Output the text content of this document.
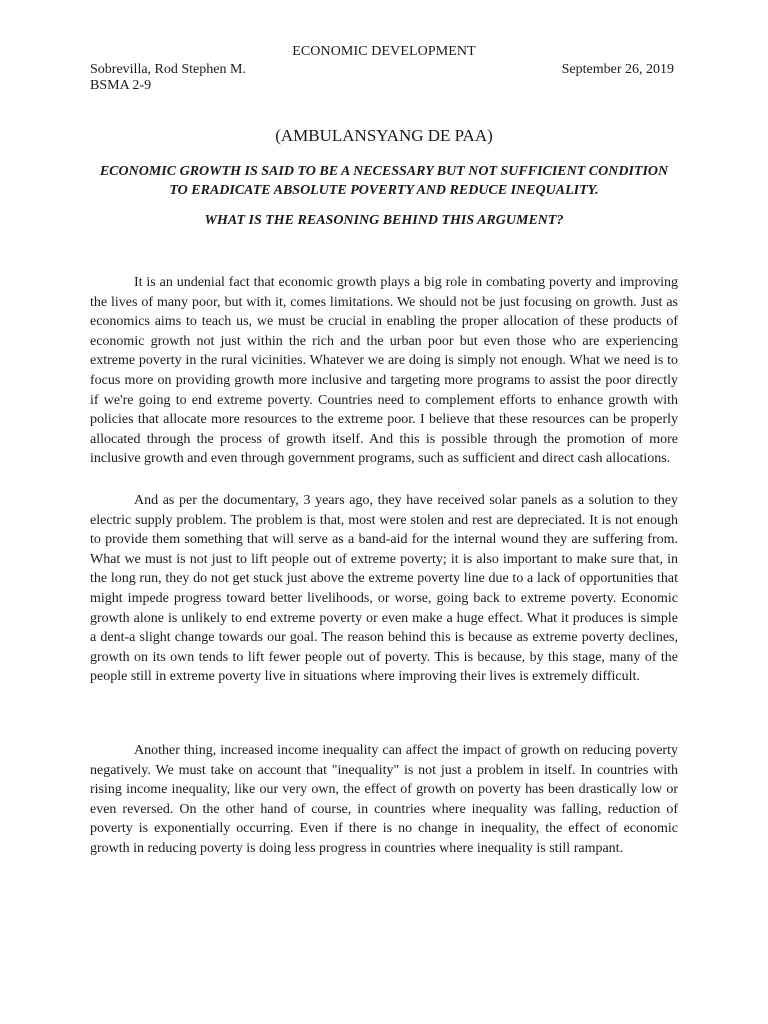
ECONOMIC DEVELOPMENT
Sobrevilla, Rod Stephen M.	September 26, 2019
BSMA 2-9
(AMBULANSYANG DE PAA)
ECONOMIC GROWTH IS SAID TO BE A NECESSARY BUT NOT SUFFICIENT CONDITION TO ERADICATE ABSOLUTE POVERTY AND REDUCE INEQUALITY.
WHAT IS THE REASONING BEHIND THIS ARGUMENT?

It is an undenial fact that economic growth plays a big role in combating poverty and improving the lives of many poor, but with it, comes limitations. We should not be just focusing on growth. Just as economics aims to teach us, we must be crucial in enabling the proper allocation of these products of economic growth not just within the rich and the urban poor but even those who are experiencing extreme poverty in the rural vicinities. Whatever we are doing is simply not enough. What we need is to focus more on providing growth more inclusive and targeting more programs to assist the poor directly if we're going to end extreme poverty. Countries need to complement efforts to enhance growth with policies that allocate more resources to the extreme poor. I believe that these resources can be properly allocated through the process of growth itself. And this is possible through the promotion of more inclusive growth and even through government programs, such as sufficient and direct cash allocations.

And as per the documentary, 3 years ago, they have received solar panels as a solution to they electric supply problem. The problem is that, most were stolen and rest are depreciated. It is not enough to provide them something that will serve as a band-aid for the internal wound they are suffering from. What we must is not just to lift people out of extreme poverty; it is also important to make sure that, in the long run, they do not get stuck just above the extreme poverty line due to a lack of opportunities that might impede progress toward better livelihoods, or worse, going back to extreme poverty. Economic growth alone is unlikely to end extreme poverty or even make a huge effect. What it produces is simple a dent-a slight change towards our goal. The reason behind this is because as extreme poverty declines, growth on its own tends to lift fewer people out of poverty. This is because, by this stage, many of the people still in extreme poverty live in situations where improving their lives is extremely difficult.

Another thing, increased income inequality can affect the impact of growth on reducing poverty negatively. We must take on account that "inequality" is not just a problem in itself. In countries with rising income inequality, like our very own, the effect of growth on poverty has been drastically low or even reversed. On the other hand of course, in countries where inequality was falling, reduction of poverty is exponentially occurring. Even if there is no change in inequality, the effect of economic growth in reducing poverty is doing less progress in countries where inequality is still rampant.
